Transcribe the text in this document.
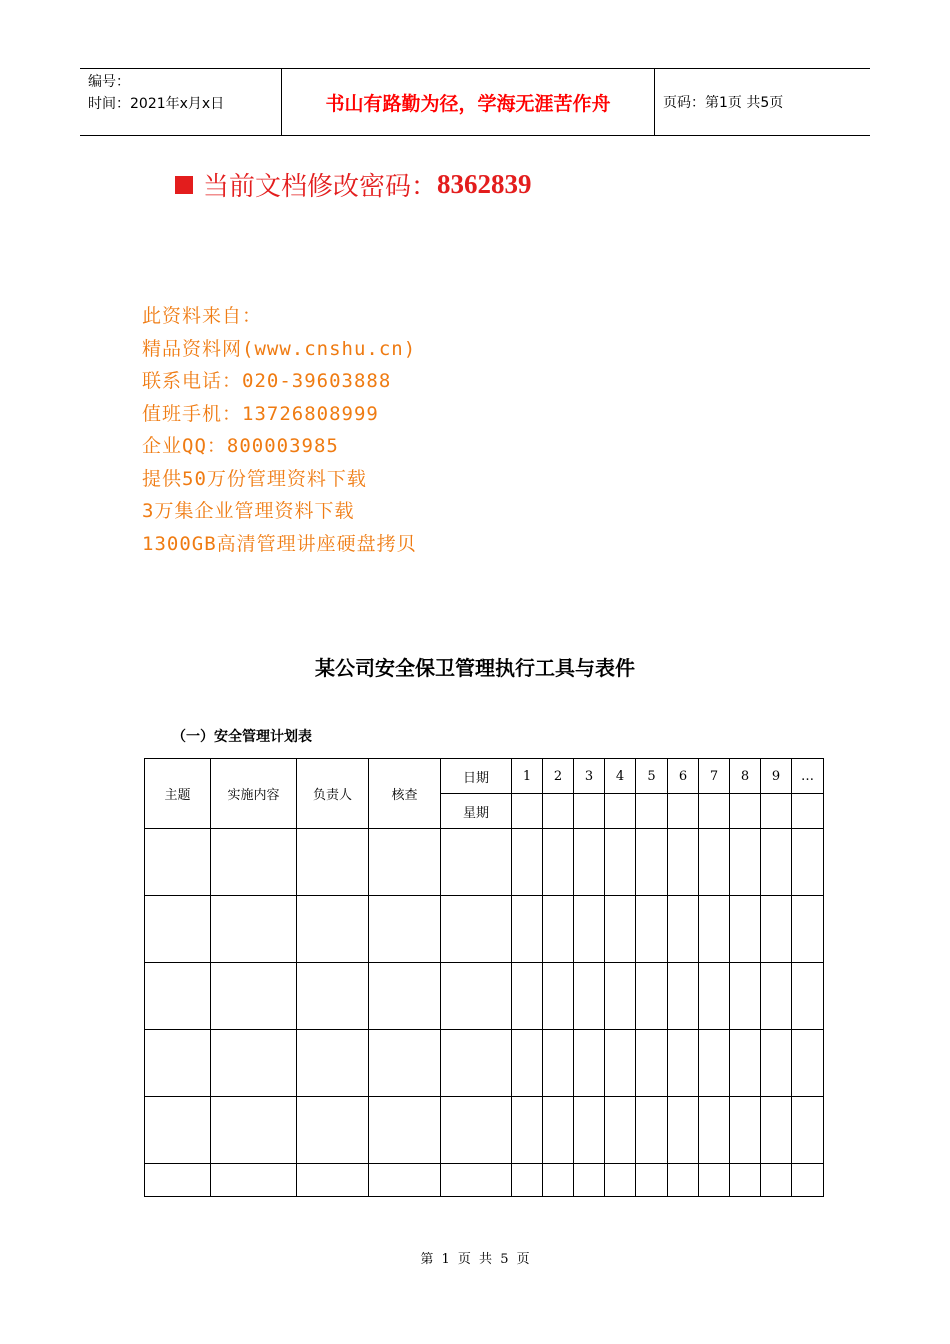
编号：
时间：2021年x月x日	书山有路勤为径，学海无涯苦作舟	页码：第1页 共5页
当前文档修改密码： 8362839
此资料来自：
精品资料网(www.cnshu.cn)
联系电话：020-39603888
值班手机：13726808999
企业QQ：800003985
提供50万份管理资料下载
3万集企业管理资料下载
1300GB高清管理讲座硬盘拷贝
某公司安全保卫管理执行工具与表件
（一）安全管理计划表
主题	实施内容	负责人	核查	日期	1	2	3	4	5	6	7	8	9	…
				星期										

第 1 页 共 5 页
